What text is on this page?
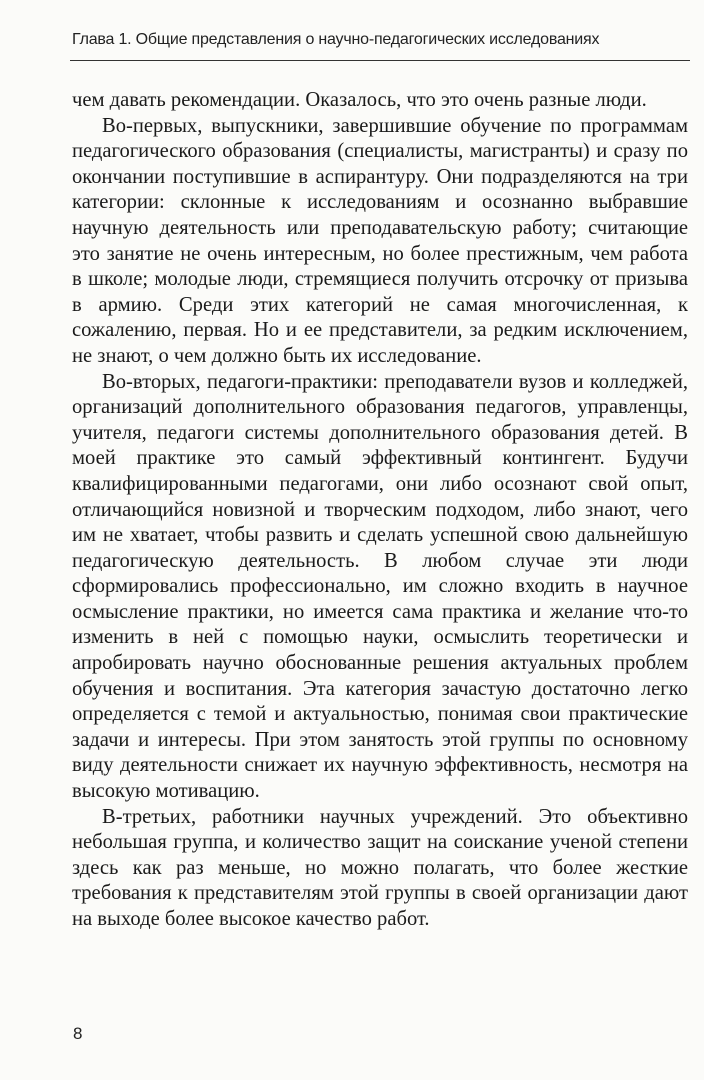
Глава 1. Общие представления о научно-педагогических исследованиях

чем давать рекомендации. Оказалось, что это очень разные люди.

Во-первых, выпускники, завершившие обучение по программам педагогического образования (специалисты, магистранты) и сразу по окончании поступившие в аспирантуру. Они подразделяются на три категории: склонные к исследованиям и осознанно выбравшие научную деятельность или преподавательскую работу; считающие это занятие не очень интересным, но более престижным, чем работа в школе; молодые люди, стремящиеся получить отсрочку от призыва в армию. Среди этих категорий не самая многочисленная, к сожалению, первая. Но и ее представители, за редким исключением, не знают, о чем должно быть их исследование.

Во-вторых, педагоги-практики: преподаватели вузов и колледжей, организаций дополнительного образования педагогов, управленцы, учителя, педагоги системы дополнительного образования детей. В моей практике это самый эффективный контингент. Будучи квалифицированными педагогами, они либо осознают свой опыт, отличающийся новизной и творческим подходом, либо знают, чего им не хватает, чтобы развить и сделать успешной свою дальнейшую педагогическую деятельность. В любом случае эти люди сформировались профессионально, им сложно входить в научное осмысление практики, но имеется сама практика и желание что-то изменить в ней с помощью науки, осмыслить теоретически и апробировать научно обоснованные решения актуальных проблем обучения и воспитания. Эта категория зачастую достаточно легко определяется с темой и актуальностью, понимая свои практические задачи и интересы. При этом занятость этой группы по основному виду деятельности снижает их научную эффективность, несмотря на высокую мотивацию.

В-третьих, работники научных учреждений. Это объективно небольшая группа, и количество защит на соискание ученой степени здесь как раз меньше, но можно полагать, что более жесткие требования к представителям этой группы в своей организации дают на выходе более высокое качество работ.

8
